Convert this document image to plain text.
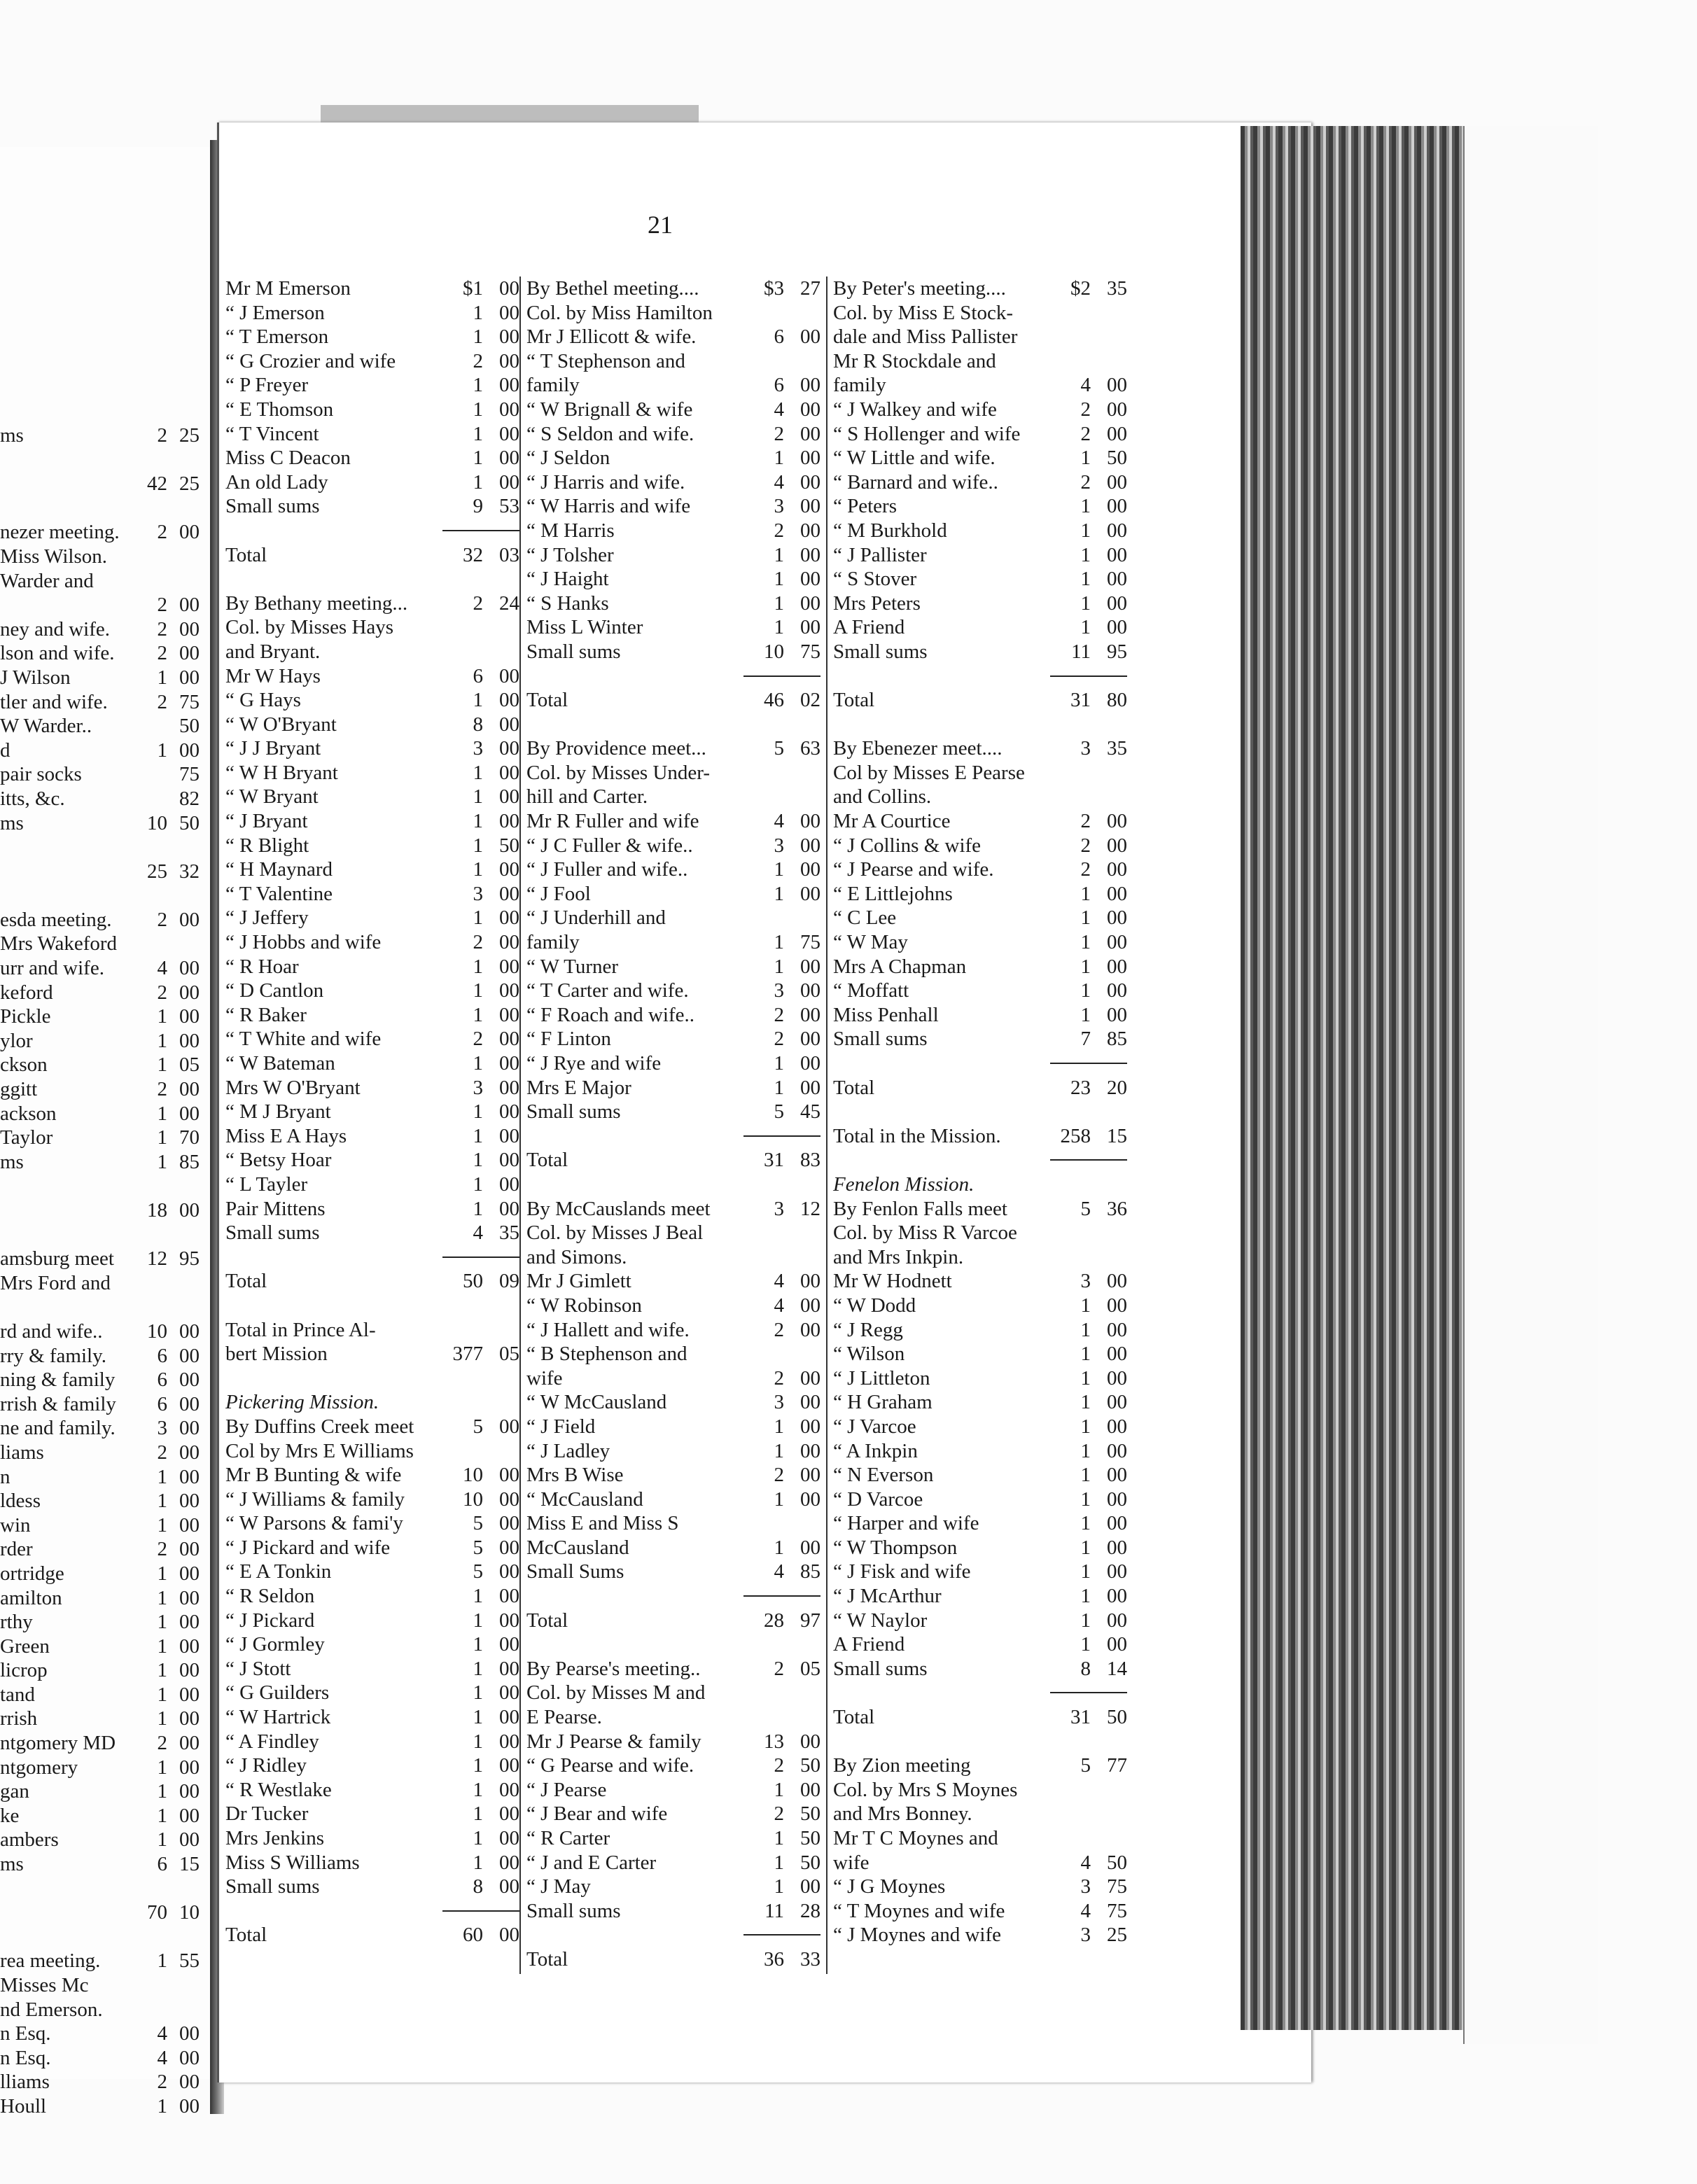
ms	2 25
42 25
nezer meeting.	2 00
Miss Wilson.
Warder and
2 00
ney and wife.	2 00
lson and wife.	2 00
J Wilson	1 00
tler and wife.	2 75
W Warder..	50
d	1 00
pair socks	75
itts, &c.	82
ms	10 50
25 32
esda meeting.	2 00
Mrs Wakeford
urr and wife.	4 00
keford	2 00
Pickle	1 00
ylor	1 00
ckson	1 05
ggitt	2 00
ackson	1 00
Taylor	1 70
ms	1 85
18 00
amsburg meet	12 95
Mrs Ford and
rd and wife..	10 00
rry & family.	6 00
ning & family	6 00
rrish & family	6 00
ne and family.	3 00
liams	2 00
n	1 00
ldess	1 00
win	1 00
rder	2 00
ortridge	1 00
amilton	1 00
rthy	1 00
Green	1 00
licrop	1 00
tand	1 00
rrish	1 00
ntgomery MD	2 00
ntgomery	1 00
gan	1 00
ke	1 00
ambers	1 00
ms	6 15
70 10
rea meeting.	1 55
Misses Mc
nd Emerson.
n Esq.	4 00
n Esq.	4 00
lliams	2 00
Houll	1 00
21
Mr M Emerson	$1 00
“ J Emerson	1 00
“ T Emerson	1 00
“ G Crozier and wife	2 00
“ P Freyer	1 00
“ E Thomson	1 00
“ T Vincent	1 00
Miss C Deacon	1 00
An old Lady	1 00
Small sums	9 53
Total	32 03
By Bethany meeting...	2 24
Col. by Misses Hays
and Bryant.
Mr W Hays	6 00
“ G Hays	1 00
“ W O'Bryant	8 00
“ J J Bryant	3 00
“ W H Bryant	1 00
“ W Bryant	1 00
“ J Bryant	1 00
“ R Blight	1 50
“ H Maynard	1 00
“ T Valentine	3 00
“ J Jeffery	1 00
“ J Hobbs and wife	2 00
“ R Hoar	1 00
“ D Cantlon	1 00
“ R Baker	1 00
“ T White and wife	2 00
“ W Bateman	1 00
Mrs W O'Bryant	3 00
“ M J Bryant	1 00
Miss E A Hays	1 00
“ Betsy Hoar	1 00
“ L Tayler	1 00
Pair Mittens	1 00
Small sums	4 35
Total	50 09
Total in Prince Al-
bert Mission	377 05
Pickering Mission.
By Duffins Creek meet	5 00
Col by Mrs E Williams
Mr B Bunting & wife	10 00
“ J Williams & family	10 00
“ W Parsons & fami'y	5 00
“ J Pickard and wife	5 00
“ E A Tonkin	5 00
“ R Seldon	1 00
“ J Pickard	1 00
“ J Gormley	1 00
“ J Stott	1 00
“ G Guilders	1 00
“ W Hartrick	1 00
“ A Findley	1 00
“ J Ridley	1 00
“ R Westlake	1 00
Dr Tucker	1 00
Mrs Jenkins	1 00
Miss S Williams	1 00
Small sums	8 00
Total	60 00
By Bethel meeting....	$3 27
Col. by Miss Hamilton
Mr J Ellicott & wife.	6 00
“ T Stephenson and
family	6 00
“ W Brignall & wife	4 00
“ S Seldon and wife.	2 00
“ J Seldon	1 00
“ J Harris and wife.	4 00
“ W Harris and wife	3 00
“ M Harris	2 00
“ J Tolsher	1 00
“ J Haight	1 00
“ S Hanks	1 00
Miss L Winter	1 00
Small sums	10 75
Total	46 02
By Providence meet...	5 63
Col. by Misses Under-
hill and Carter.
Mr R Fuller and wife	4 00
“ J C Fuller & wife..	3 00
“ J Fuller and wife..	1 00
“ J Fool	1 00
“ J Underhill and
family	1 75
“ W Turner	1 00
“ T Carter and wife.	3 00
“ F Roach and wife..	2 00
“ F Linton	2 00
“ J Rye and wife	1 00
Mrs E Major	1 00
Small sums	5 45
Total	31 83
By McCauslands meet	3 12
Col. by Misses J Beal
and Simons.
Mr J Gimlett	4 00
“ W Robinson	4 00
“ J Hallett and wife.	2 00
“ B Stephenson and
wife	2 00
“ W McCausland	3 00
“ J Field	1 00
“ J Ladley	1 00
Mrs B Wise	2 00
“ McCausland	1 00
Miss E and Miss S
McCausland	1 00
Small Sums	4 85
Total	28 97
By Pearse's meeting..	2 05
Col. by Misses M and
E Pearse.
Mr J Pearse & family	13 00
“ G Pearse and wife.	2 50
“ J Pearse	1 00
“ J Bear and wife	2 50
“ R Carter	1 50
“ J and E Carter	1 50
“ J May	1 00
Small sums	11 28
Total	36 33
By Peter's meeting....	$2 35
Col. by Miss E Stock-
dale and Miss Pallister
Mr R Stockdale and
family	4 00
“ J Walkey and wife	2 00
“ S Hollenger and wife	2 00
“ W Little and wife.	1 50
“ Barnard and wife..	2 00
“ Peters	1 00
“ M Burkhold	1 00
“ J Pallister	1 00
“ S Stover	1 00
Mrs Peters	1 00
A Friend	1 00
Small sums	11 95
Total	31 80
By Ebenezer meet....	3 35
Col by Misses E Pearse
and Collins.
Mr A Courtice	2 00
“ J Collins & wife	2 00
“ J Pearse and wife.	2 00
“ E Littlejohns	1 00
“ C Lee	1 00
“ W May	1 00
Mrs A Chapman	1 00
“ Moffatt	1 00
Miss Penhall	1 00
Small sums	7 85
Total	23 20
Total in the Mission.	258 15
Fenelon Mission.
By Fenlon Falls meet	5 36
Col. by Miss R Varcoe
and Mrs Inkpin.
Mr W Hodnett	3 00
“ W Dodd	1 00
“ J Regg	1 00
“ Wilson	1 00
“ J Littleton	1 00
“ H Graham	1 00
“ J Varcoe	1 00
“ A Inkpin	1 00
“ N Everson	1 00
“ D Varcoe	1 00
“ Harper and wife	1 00
“ W Thompson	1 00
“ J Fisk and wife	1 00
“ J McArthur	1 00
“ W Naylor	1 00
A Friend	1 00
Small sums	8 14
Total	31 50
By Zion meeting	5 77
Col. by Mrs S Moynes
and Mrs Bonney.
Mr T C Moynes and
wife	4 50
“ J G Moynes	3 75
“ T Moynes and wife	4 75
“ J Moynes and wife	3 25
